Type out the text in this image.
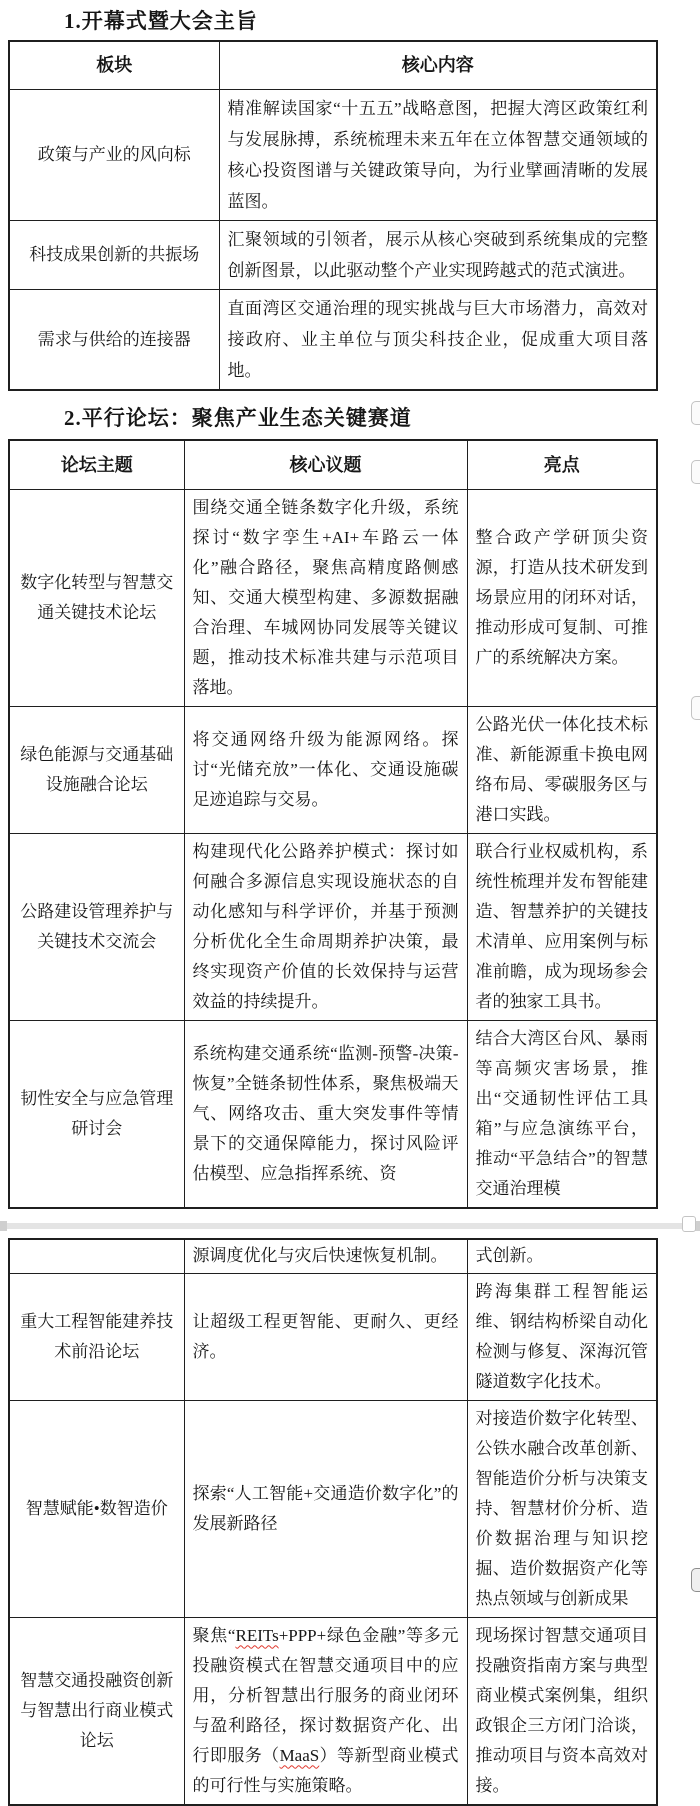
1.开幕式暨大会主旨
板块	核心内容
政策与产业的风向标	精准解读国家“十五五”战略意图，把握大湾区政策红利与发展脉搏，系统梳理未来五年在立体智慧交通领域的核心投资图谱与关键政策导向，为行业擘画清晰的发展蓝图。
科技成果创新的共振场	汇聚领域的引领者，展示从核心突破到系统集成的完整创新图景，以此驱动整个产业实现跨越式的范式演进。
需求与供给的连接器	直面湾区交通治理的现实挑战与巨大市场潜力，高效对接政府、业主单位与顶尖科技企业，促成重大项目落地。
2.平行论坛：聚焦产业生态关键赛道
论坛主题	核心议题	亮点
数字化转型与智慧交通关键技术论坛	围绕交通全链条数字化升级，系统探讨“数字孪生+AI+车路云一体化”融合路径，聚焦高精度路侧感知、交通大模型构建、多源数据融合治理、车城网协同发展等关键议题，推动技术标准共建与示范项目落地。	整合政产学研顶尖资源，打造从技术研发到场景应用的闭环对话，推动形成可复制、可推广的系统解决方案。
绿色能源与交通基础设施融合论坛	将交通网络升级为能源网络。探讨“光储充放”一体化、交通设施碳足迹追踪与交易。	公路光伏一体化技术标准、新能源重卡换电网络布局、零碳服务区与港口实践。
公路建设管理养护与关键技术交流会	构建现代化公路养护模式：探讨如何融合多源信息实现设施状态的自动化感知与科学评价，并基于预测分析优化全生命周期养护决策，最终实现资产价值的长效保持与运营效益的持续提升。	联合行业权威机构，系统性梳理并发布智能建造、智慧养护的关键技术清单、应用案例与标准前瞻，成为现场参会者的独家工具书。
韧性安全与应急管理研讨会	系统构建交通系统“监测-预警-决策-恢复”全链条韧性体系，聚焦极端天气、网络攻击、重大突发事件等情景下的交通保障能力，探讨风险评估模型、应急指挥系统、资	结合大湾区台风、暴雨等高频灾害场景，推出“交通韧性评估工具箱”与应急演练平台，推动“平急结合”的智慧交通治理模
	源调度优化与灾后快速恢复机制。	式创新。
重大工程智能建养技术前沿论坛	让超级工程更智能、更耐久、更经济。	跨海集群工程智能运维、钢结构桥梁自动化检测与修复、深海沉管隧道数字化技术。
智慧赋能•数智造价	探索“人工智能+交通造价数字化”的发展新路径	对接造价数字化转型、公铁水融合改革创新、智能造价分析与决策支持、智慧材价分析、造价数据治理与知识挖掘、造价数据资产化等热点领域与创新成果
智慧交通投融资创新与智慧出行商业模式论坛	聚焦“REITs+PPP+绿色金融”等多元投融资模式在智慧交通项目中的应用，分析智慧出行服务的商业闭环与盈利路径，探讨数据资产化、出行即服务（MaaS）等新型商业模式的可行性与实施策略。	现场探讨智慧交通项目投融资指南方案与典型商业模式案例集，组织政银企三方闭门洽谈，推动项目与资本高效对接。
